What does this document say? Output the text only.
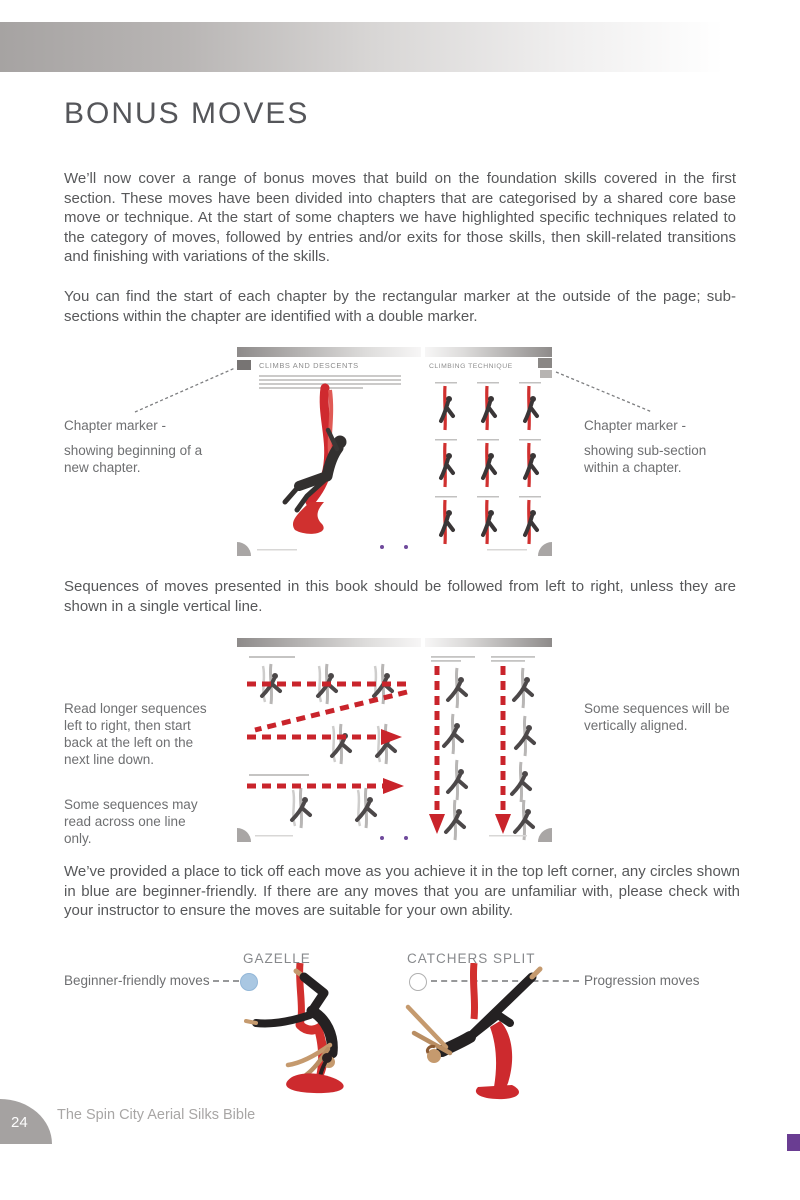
BONUS MOVES

We’ll now cover a range of bonus moves that build on the foundation skills covered in the first section. These moves have been divided into chapters that are categorised by a shared core base move or technique. At the start of some chapters we have highlighted specific techniques related to the category of moves, followed by entries and/or exits for those skills, then skill-related transitions and finishing with variations of the skills.

You can find the start of each chapter by the rectangular marker at the outside of the page; sub-sections within the chapter are identified with a double marker.

Chapter marker -
showing beginning of a new chapter.
CLIMBS AND DESCENTS	CLIMBING TECHNIQUE
Chapter marker -
showing sub-section within a chapter.

Sequences of moves presented in this book should be followed from left to right, unless they are shown in a single vertical line.

Read longer sequences left to right, then start back at the left on the next line down.
Some sequences may read across one line only.
Some sequences will be vertically aligned.

We’ve provided a place to tick off each move as you achieve it in the top left corner, any circles shown in blue are beginner-friendly. If there are any moves that you are unfamiliar with, please check with your instructor to ensure the moves are suitable for your own ability.

GAZELLE	CATCHERS SPLIT

Beginner-friendly moves	Progression moves
24 The Spin City Aerial Silks Bible
